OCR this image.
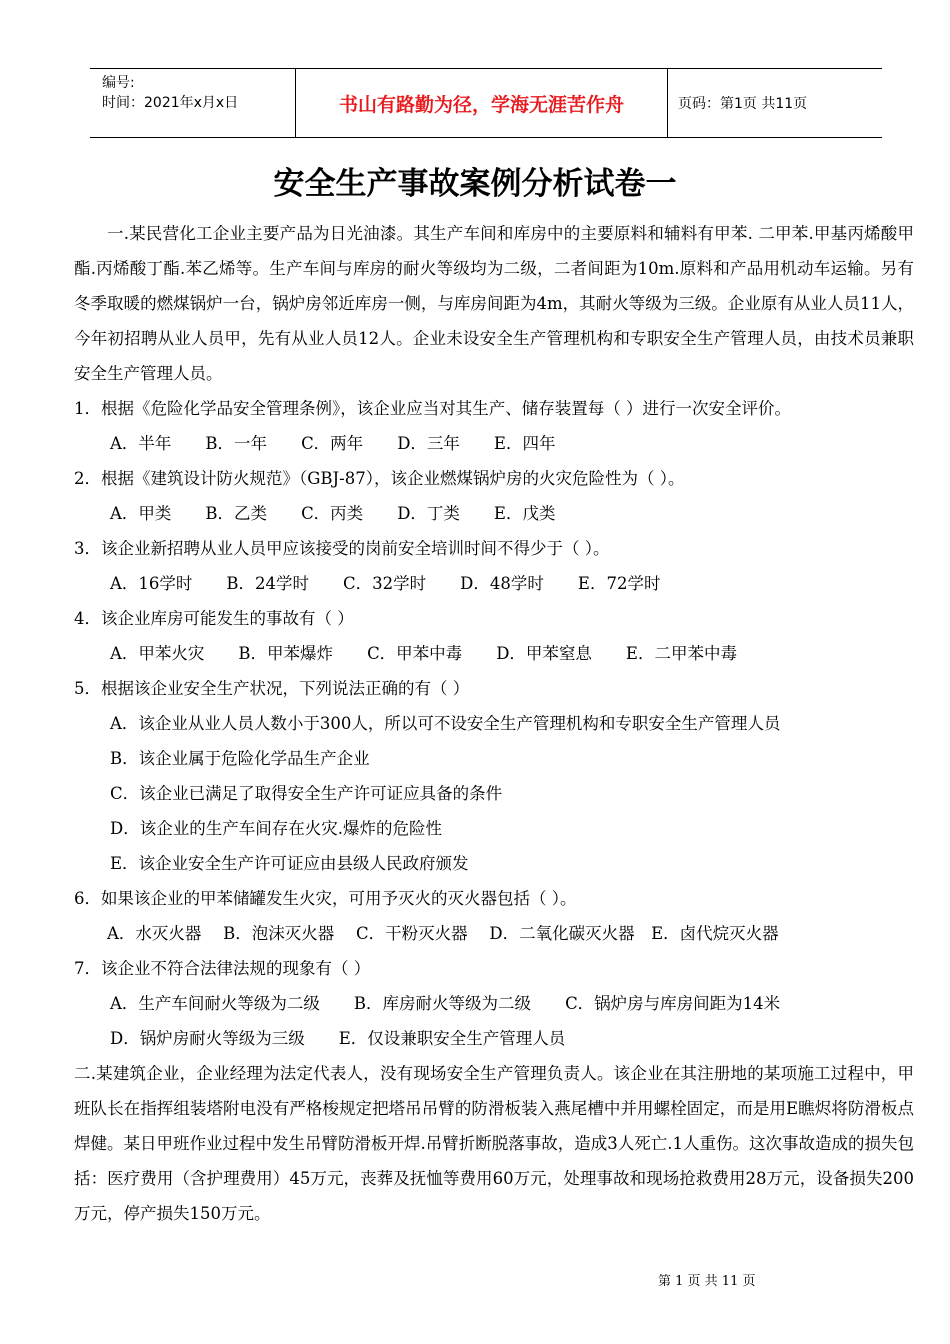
编号:
时间：2021年x月x日	书山有路勤为径，学海无涯苦作舟	页码：第1页 共11页
安全生产事故案例分析试卷一

一.某民营化工企业主要产品为日光油漆。其生产车间和库房中的主要原料和辅料有甲苯. 二甲苯.甲基丙烯酸甲酯.丙烯酸丁酯.苯乙烯等。生产车间与库房的耐火等级均为二级，二者间距为10m.原料和产品用机动车运输。另有冬季取暖的燃煤锅炉一台，锅炉房邻近库房一侧，与库房间距为4m，其耐火等级为三级。企业原有从业人员11人，今年初招聘从业人员甲，先有从业人员12人。企业未设安全生产管理机构和专职安全生产管理人员，由技术员兼职安全生产管理人员。

1．根据《危险化学品安全管理条例》，该企业应当对其生产、储存装置每（ ）进行一次安全评价。

A．半年 B．一年 C．两年 D．三年 E．四年

2．根据《建筑设计防火规范》（GBJ-87），该企业燃煤锅炉房的火灾危险性为（ ）。

A．甲类 B．乙类 C．丙类 D．丁类 E．戊类

3．该企业新招聘从业人员甲应该接受的岗前安全培训时间不得少于（ ）。

A．16学时 B．24学时 C．32学时 D．48学时 E．72学时

4．该企业库房可能发生的事故有（ ）

A．甲苯火灾 B．甲苯爆炸 C．甲苯中毒 D．甲苯窒息 E．二甲苯中毒

5．根据该企业安全生产状况，下列说法正确的有（ ）

A．该企业从业人员人数小于300人，所以可不设安全生产管理机构和专职安全生产管理人员
B．该企业属于危险化学品生产企业
C．该企业已满足了取得安全生产许可证应具备的条件
D．该企业的生产车间存在火灾.爆炸的危险性
E．该企业安全生产许可证应由县级人民政府颁发

6．如果该企业的甲苯储罐发生火灾，可用予灭火的灭火器包括（ ）。

A．水灭火器　 B．泡沫灭火器　 C．干粉灭火器　 D．二氧化碳灭火器　E．卤代烷灭火器

7．该企业不符合法律法规的现象有（ ）

A．生产车间耐火等级为二级 B．库房耐火等级为二级 C．锅炉房与库房间距为14米
D．锅炉房耐火等级为三级 E．仅设兼职安全生产管理人员

二.某建筑企业，企业经理为法定代表人，没有现场安全生产管理负责人。该企业在其注册地的某项施工过程中，甲班队长在指挥组装塔附电没有严格梭规定把塔吊吊臂的防滑板装入燕尾槽中并用螺栓固定，而是用E瞧烬将防滑板点焊健。某日甲班作业过程中发生吊臂防滑板开焊.吊臂折断脱落事故，造成3人死亡.1人重伤。这次事故造成的损失包括：医疗费用（含护理费用）45万元，丧葬及抚恤等费用60万元，处理事故和现场抢救费用28万元，设备损失200万元，停产损失150万元。

第 1 页 共 11 页
